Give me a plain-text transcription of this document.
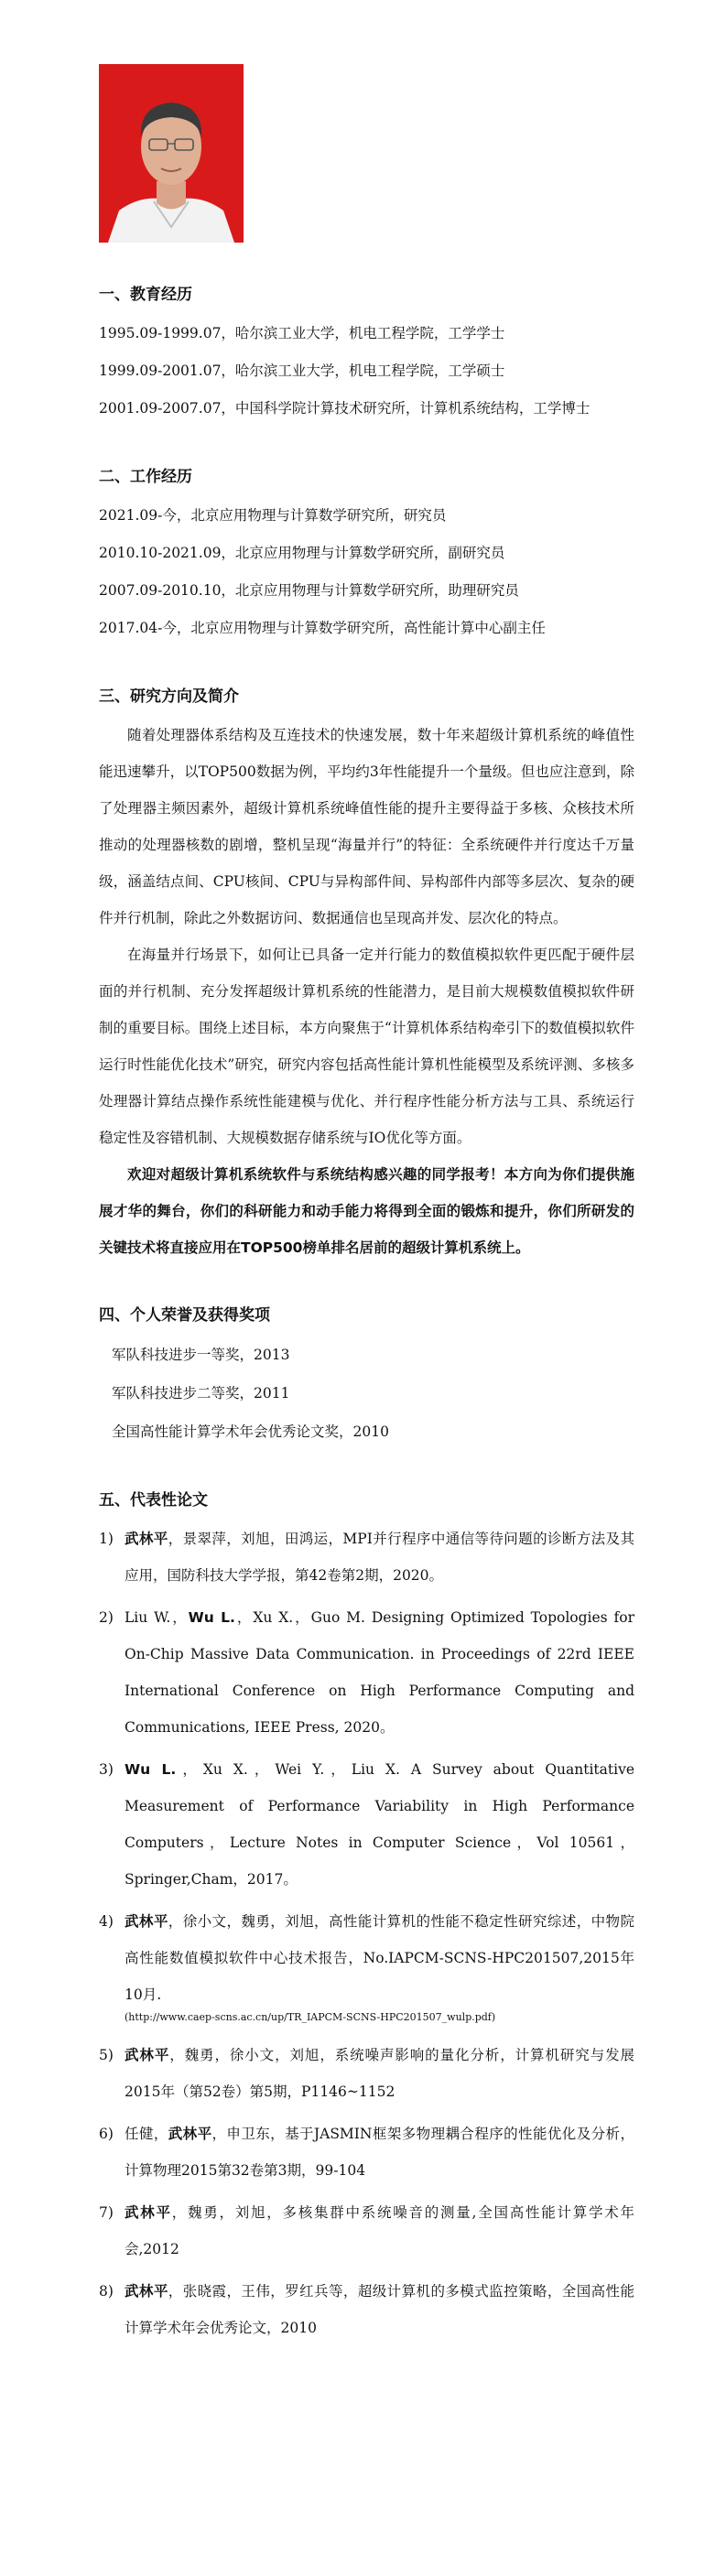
一、教育经历

1995.09-1999.07，哈尔滨工业大学，机电工程学院，工学学士

1999.09-2001.07，哈尔滨工业大学，机电工程学院，工学硕士

2001.09-2007.07，中国科学院计算技术研究所，计算机系统结构，工学博士

二、工作经历

2021.09-今，北京应用物理与计算数学研究所，研究员

2010.10-2021.09，北京应用物理与计算数学研究所，副研究员

2007.09-2010.10，北京应用物理与计算数学研究所，助理研究员

2017.04-今，北京应用物理与计算数学研究所，高性能计算中心副主任

三、研究方向及简介

随着处理器体系结构及互连技术的快速发展，数十年来超级计算机系统的峰值性能迅速攀升，以TOP500数据为例，平均约3年性能提升一个量级。但也应注意到，除了处理器主频因素外，超级计算机系统峰值性能的提升主要得益于多核、众核技术所推动的处理器核数的剧增，整机呈现“海量并行”的特征：全系统硬件并行度达千万量级，涵盖结点间、CPU核间、CPU与异构部件间、异构部件内部等多层次、复杂的硬件并行机制，除此之外数据访问、数据通信也呈现高并发、层次化的特点。

在海量并行场景下，如何让已具备一定并行能力的数值模拟软件更匹配于硬件层面的并行机制、充分发挥超级计算机系统的性能潜力，是目前大规模数值模拟软件研制的重要目标。围绕上述目标，本方向聚焦于“计算机体系结构牵引下的数值模拟软件运行时性能优化技术”研究，研究内容包括高性能计算机性能模型及系统评测、多核多处理器计算结点操作系统性能建模与优化、并行程序性能分析方法与工具、系统运行稳定性及容错机制、大规模数据存储系统与IO优化等方面。

欢迎对超级计算机系统软件与系统结构感兴趣的同学报考！本方向为你们提供施展才华的舞台，你们的科研能力和动手能力将得到全面的锻炼和提升，你们所研发的关键技术将直接应用在TOP500榜单排名居前的超级计算机系统上。

四、个人荣誉及获得奖项

军队科技进步一等奖，2013

军队科技进步二等奖，2011

全国高性能计算学术年会优秀论文奖，2010

五、代表性论文
1) 武林平，景翠萍，刘旭，田鸿运，MPI并行程序中通信等待问题的诊断方法及其应用，国防科技大学学报，第42卷第2期，2020。
2) Liu W.，Wu L.，Xu X.，Guo M. Designing Optimized Topologies for On-Chip Massive Data Communication. in Proceedings of 22rd IEEE International Conference on High Performance Computing and Communications, IEEE Press, 2020。
3) Wu L.，Xu X.，Wei Y.，Liu X. A Survey about Quantitative Measurement of Performance Variability in High Performance Computers，Lecture Notes in Computer Science，Vol 10561，Springer,Cham，2017。
4) 武林平，徐小文，魏勇，刘旭，高性能计算机的性能不稳定性研究综述，中物院高性能数值模拟软件中心技术报告，No.IAPCM-SCNS-HPC201507,2015年10月.
(http://www.caep-scns.ac.cn/up/TR_IAPCM-SCNS-HPC201507_wulp.pdf)
5) 武林平，魏勇，徐小文，刘旭，系统噪声影响的量化分析，计算机研究与发展2015年（第52卷）第5期，P1146~1152
6) 任健，武林平，申卫东，基于JASMIN框架多物理耦合程序的性能优化及分析，计算物理2015第32卷第3期，99-104
7) 武林平，魏勇，刘旭，多核集群中系统噪音的测量,全国高性能计算学术年会,2012
8) 武林平，张晓霞，王伟，罗红兵等，超级计算机的多模式监控策略，全国高性能计算学术年会优秀论文，2010
